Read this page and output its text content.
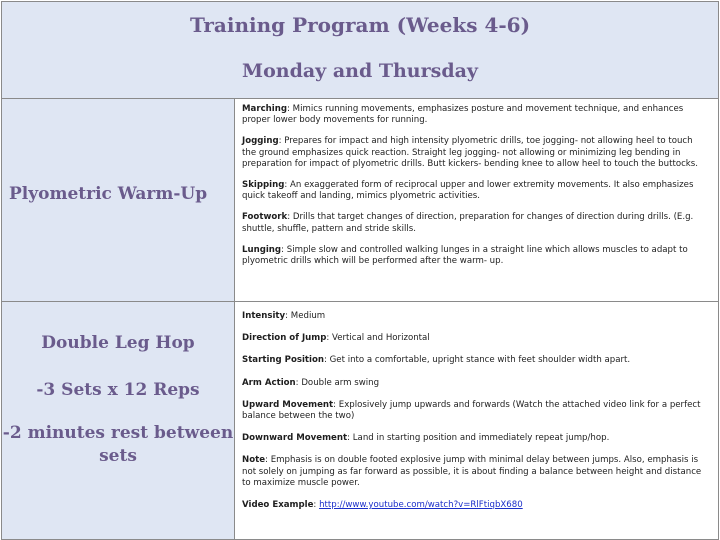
Training Program (Weeks 4-6)
Monday and Thursday
Plyometric Warm-Up

Marching: Mimics running movements, emphasizes posture and movement technique, and enhances proper lower body movements for running.

Jogging: Prepares for impact and high intensity plyometric drills, toe jogging- not allowing heel to touch the ground emphasizes quick reaction. Straight leg jogging- not allowing or minimizing leg bending in preparation for impact of plyometric drills. Butt kickers- bending knee to allow heel to touch the buttocks.

Skipping: An exaggerated form of reciprocal upper and lower extremity movements. It also emphasizes quick takeoff and landing, mimics plyometric activities.

Footwork: Drills that target changes of direction, preparation for changes of direction during drills. (E.g. shuttle, shuffle, pattern and stride skills.

Lunging: Simple slow and controlled walking lunges in a straight line which allows muscles to adapt to plyometric drills which will be performed after the warm- up.

Double Leg Hop
-3 Sets x 12 Reps
-2 minutes rest between sets

Intensity: Medium

Direction of Jump: Vertical and Horizontal

Starting Position: Get into a comfortable, upright stance with feet shoulder width apart.

Arm Action: Double arm swing

Upward Movement: Explosively jump upwards and forwards (Watch the attached video link for a perfect balance between the two)

Downward Movement: Land in starting position and immediately repeat jump/hop.

Note: Emphasis is on double footed explosive jump with minimal delay between jumps. Also, emphasis is not solely on jumping as far forward as possible, it is about finding a balance between height and distance to maximize muscle power.

Video Example: http://www.youtube.com/watch?v=RlFtiqbX680
